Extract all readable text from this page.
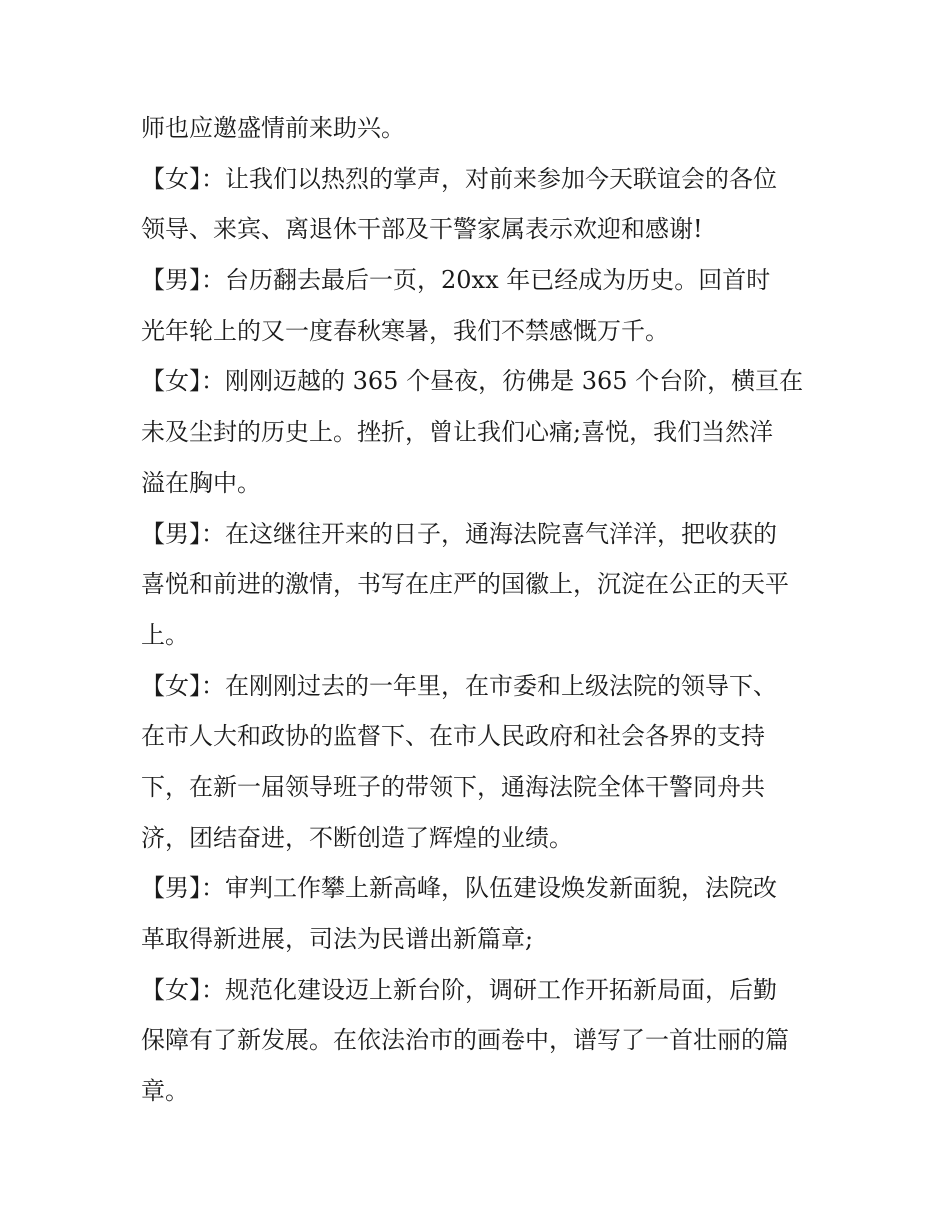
师也应邀盛情前来助兴。
【女】：让我们以热烈的掌声，对前来参加今天联谊会的各位
领导、来宾、离退休干部及干警家属表示欢迎和感谢!
【男】：台历翻去最后一页，20xx 年已经成为历史。回首时
光年轮上的又一度春秋寒暑，我们不禁感慨万千。
【女】：刚刚迈越的 365 个昼夜，彷佛是 365 个台阶，横亘在
未及尘封的历史上。挫折，曾让我们心痛;喜悦，我们当然洋
溢在胸中。
【男】：在这继往开来的日子，通海法院喜气洋洋，把收获的
喜悦和前进的激情，书写在庄严的国徽上，沉淀在公正的天平
上。
【女】：在刚刚过去的一年里，在市委和上级法院的领导下、
在市人大和政协的监督下、在市人民政府和社会各界的支持
下，在新一届领导班子的带领下，通海法院全体干警同舟共
济，团结奋进，不断创造了辉煌的业绩。
【男】：审判工作攀上新高峰，队伍建设焕发新面貌，法院改
革取得新进展，司法为民谱出新篇章;
【女】：规范化建设迈上新台阶，调研工作开拓新局面，后勤
保障有了新发展。在依法治市的画卷中，谱写了一首壮丽的篇
章。
